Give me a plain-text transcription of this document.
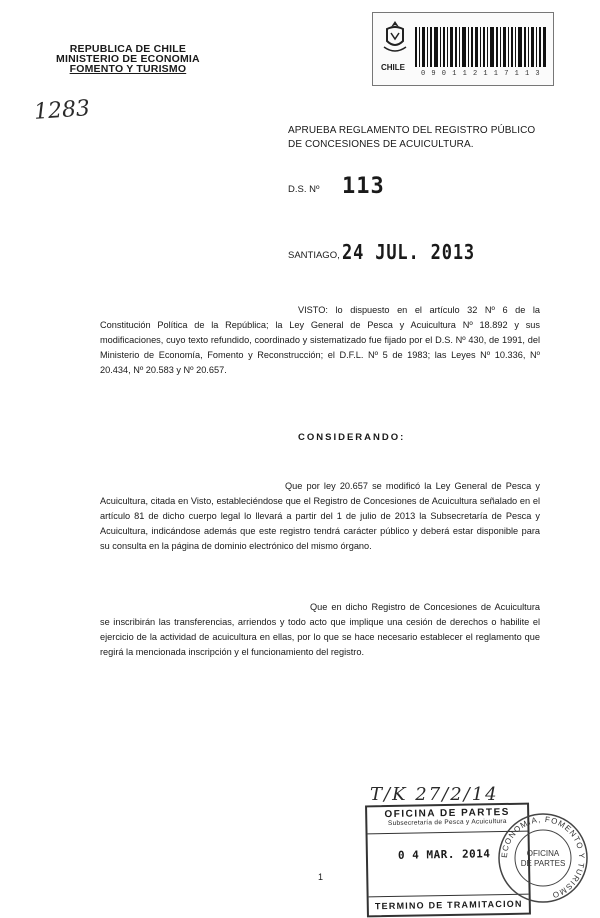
REPUBLICA DE CHILE
MINISTERIO DE ECONOMIA
FOMENTO Y TURISMO
1283
CHILE
0 9 0 1 1 2 1 1 7 1 1 3
APRUEBA REGLAMENTO DEL REGISTRO PÚBLICO DE CONCESIONES DE ACUICULTURA.
D.S. Nº 113
SANTIAGO, 24 JUL. 2013
VISTO: lo dispuesto en el artículo 32 Nº 6 de la Constitución Política de la República; la Ley General de Pesca y Acuicultura Nº 18.892 y sus modificaciones, cuyo texto refundido, coordinado y sistematizado fue fijado por el D.S. Nº 430, de 1991, del Ministerio de Economía, Fomento y Reconstrucción; el D.F.L. Nº 5 de 1983; las Leyes Nº 10.336, Nº 20.434, Nº 20.583 y Nº 20.657.
CONSIDERANDO:
Que por ley 20.657 se modificó la Ley General de Pesca y Acuicultura, citada en Visto, estableciéndose que el Registro de Concesiones de Acuicultura señalado en el artículo 81 de dicho cuerpo legal lo llevará a partir del 1 de julio de 2013 la Subsecretaría de Pesca y Acuicultura, indicándose además que este registro tendrá carácter público y deberá estar disponible para su consulta en la página de dominio electrónico del mismo órgano.
Que en dicho Registro de Concesiones de Acuicultura se inscribirán las transferencias, arriendos y todo acto que implique una cesión de derechos o habilite el ejercicio de la actividad de acuicultura en ellas, por lo que se hace necesario establecer el reglamento que regirá la mencionada inscripción y el funcionamiento del registro.
T/K 27/2/14
OFICINA DE PARTES
Subsecretaría de Pesca y Acuicultura
0 4 MAR. 2014
TERMINO DE TRAMITACION
ECONOMIA, FOMENTO Y TURISMO
OFICINA
DE PARTES
1
